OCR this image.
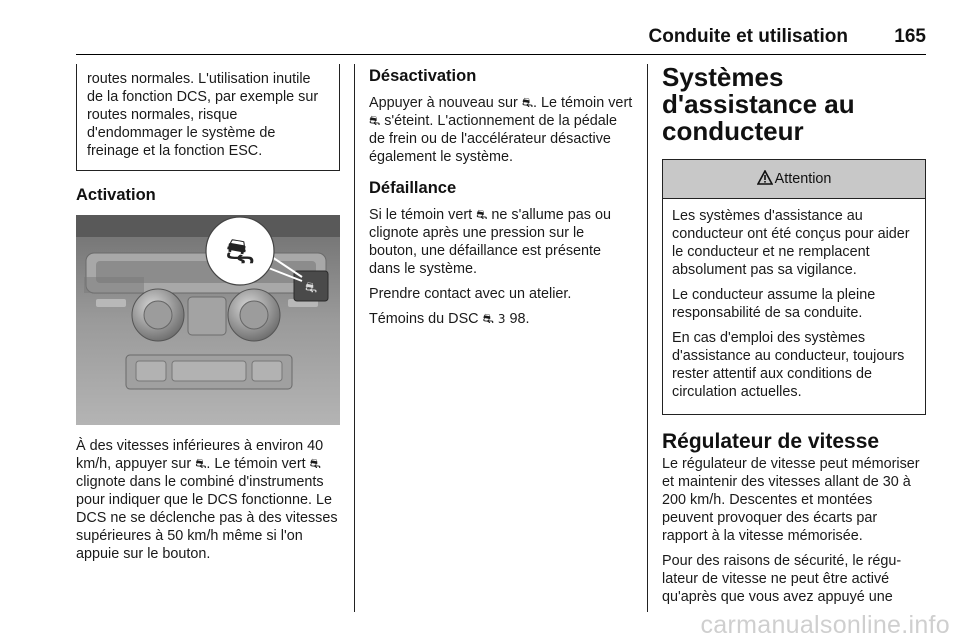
Conduite et utilisation 165

routes normales. L'utilisation inutile de la fonction DCS, par exemple sur routes normales, risque d'endommager le système de freinage et la fonction ESC.

Activation
⛐
⛐

À des vitesses inférieures à environ 40 km/h, appuyer sur ⛐. Le témoin vert ⛐ clignote dans le combiné d'instruments pour indiquer que le DCS fonctionne. Le DCS ne se déclenche pas à des vitesses supérieures à 50 km/h même si l'on appuie sur le bouton.

Désactivation

Appuyer à nouveau sur ⛐. Le témoin vert ⛐ s'éteint. L'actionnement de la pédale de frein ou de l'accélérateur désactive également le système.

Défaillance

Si le témoin vert ⛐ ne s'allume pas ou clignote après une pression sur le bouton, une défaillance est présente dans le système.

Prendre contact avec un atelier.

Témoins du DSC ⛐ 3 98.

Systèmes d'assistance au conducteur
Attention

Les systèmes d'assistance au conducteur ont été conçus pour aider le conducteur et ne remplacent absolument pas sa vigilance.

Le conducteur assume la pleine responsabilité de sa conduite.

En cas d'emploi des systèmes d'assistance au conducteur, toujours rester attentif aux conditions de circulation actuelles.

Régulateur de vitesse

Le régulateur de vitesse peut mémoriser et maintenir des vitesses allant de 30 à 200 km/h. Descentes et montées peuvent provoquer des écarts par rapport à la vitesse mémorisée.

Pour des raisons de sécurité, le régulateur de vitesse ne peut être activé qu'après que vous avez appuyé une

carmanualsonline.info
